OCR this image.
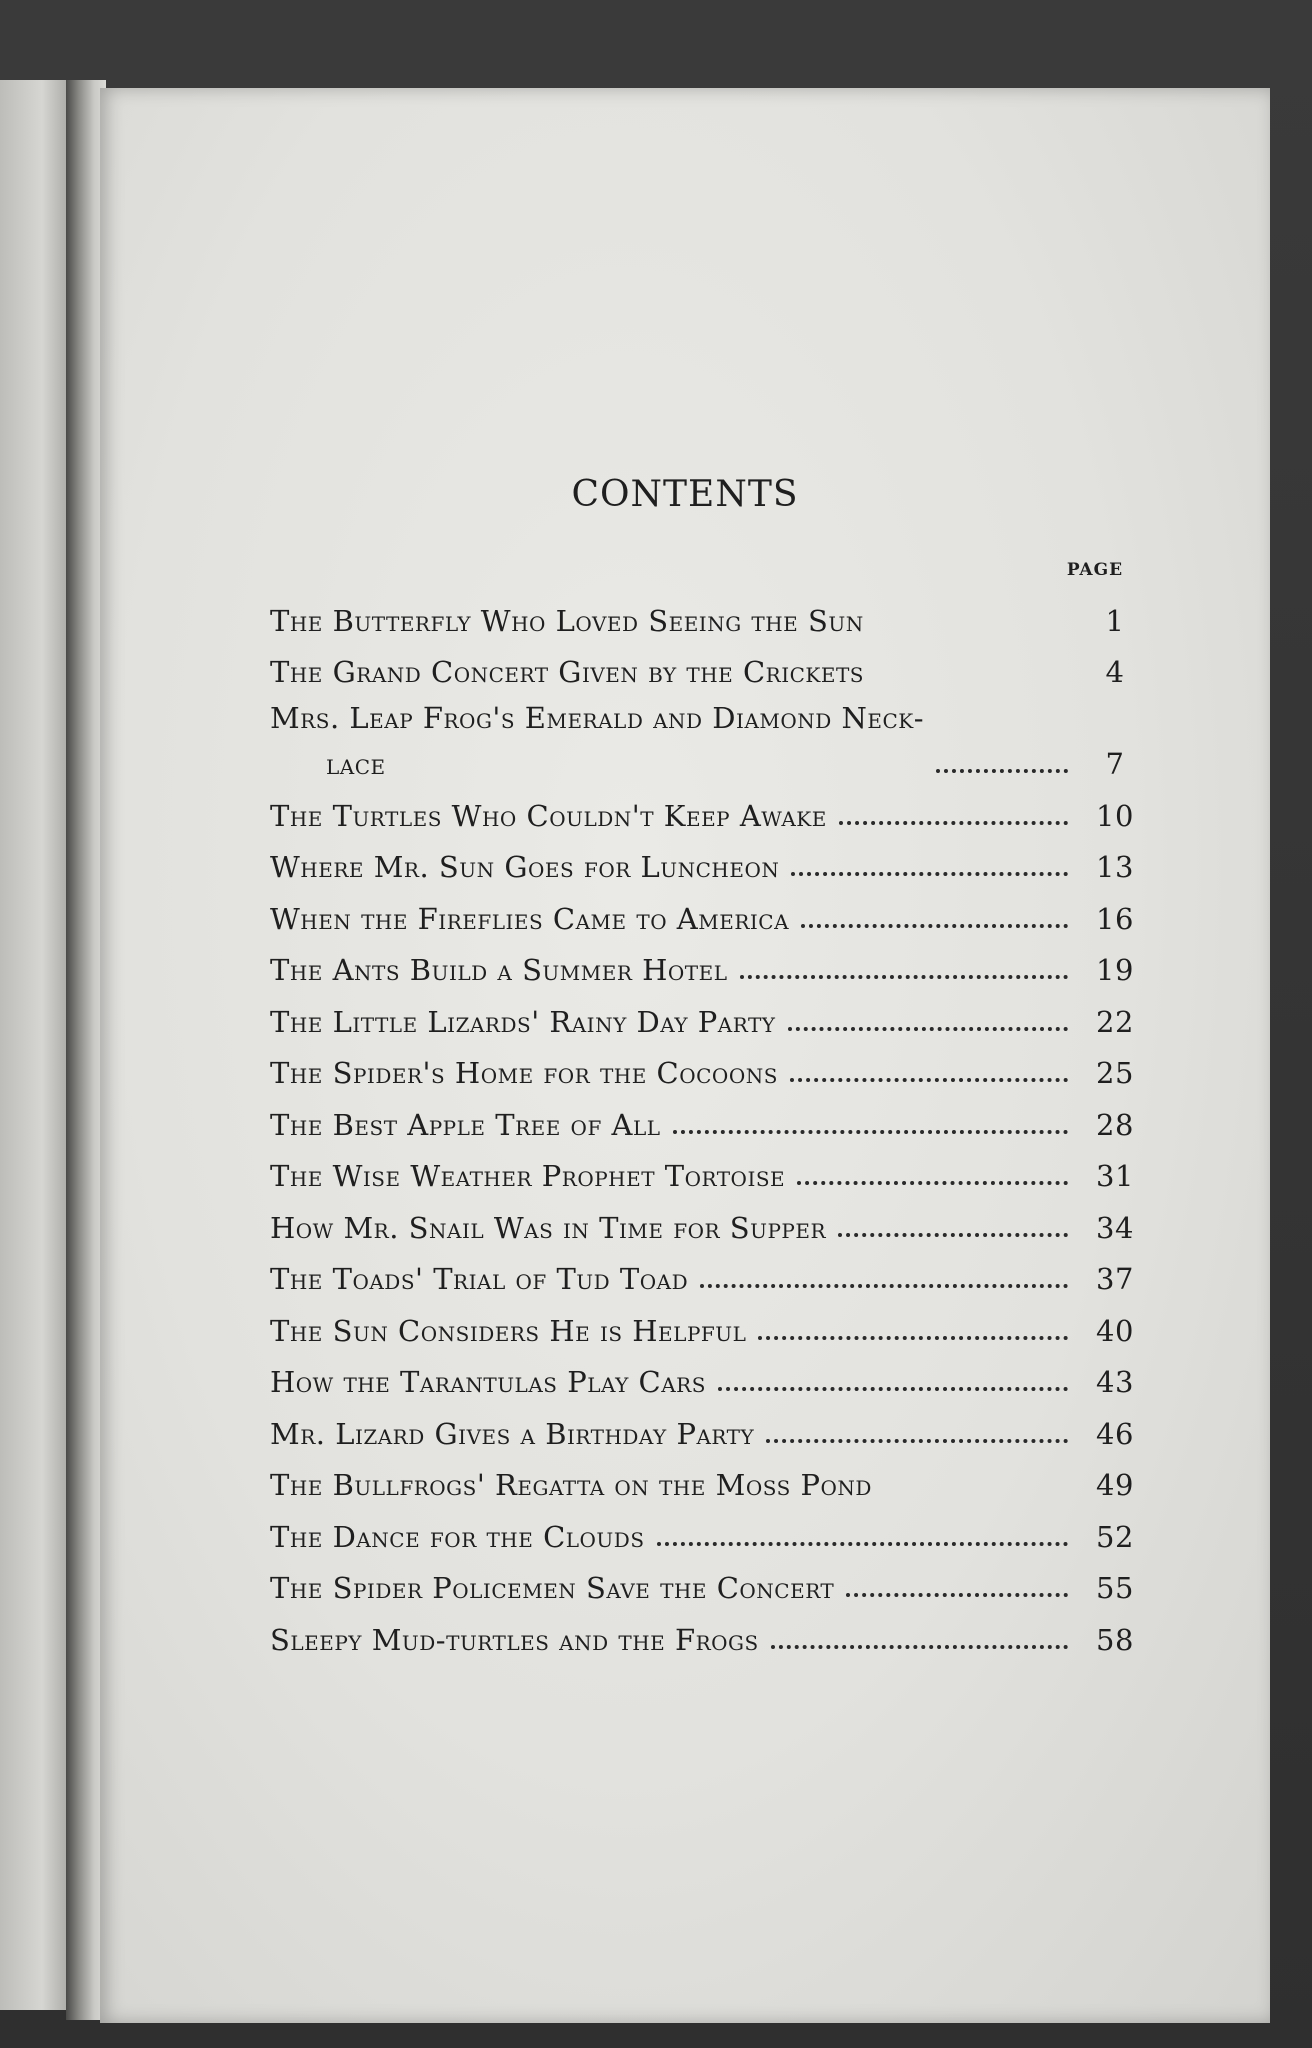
CONTENTS
PAGE
The Butterfly Who Loved Seeing the Sun	1
The Grand Concert Given by the Crickets	4
Mrs. Leap Frog's Emerald and Diamond Neck-
lace	7
The Turtles Who Couldn't Keep Awake	10
Where Mr. Sun Goes for Luncheon	13
When the Fireflies Came to America	16
The Ants Build a Summer Hotel	19
The Little Lizards' Rainy Day Party	22
The Spider's Home for the Cocoons	25
The Best Apple Tree of All	28
The Wise Weather Prophet Tortoise	31
How Mr. Snail Was in Time for Supper	34
The Toads' Trial of Tud Toad	37
The Sun Considers He is Helpful	40
How the Tarantulas Play Cars	43
Mr. Lizard Gives a Birthday Party	46
The Bullfrogs' Regatta on the Moss Pond	49
The Dance for the Clouds	52
The Spider Policemen Save the Concert	55
Sleepy Mud-turtles and the Frogs	58
